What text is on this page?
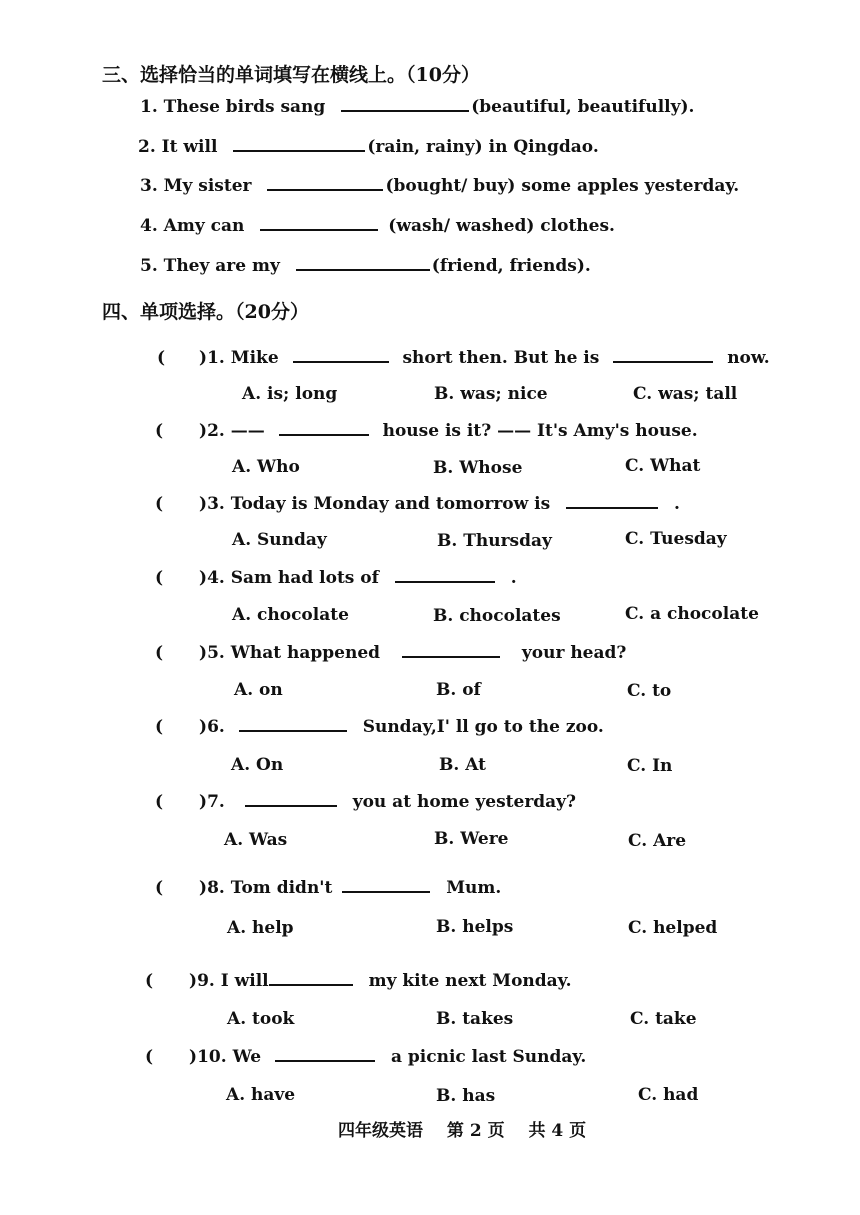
三、选择恰当的单词填写在横线上。（10分）
1. These birds sang	(beautiful, beautifully).
2. It will	(rain, rainy) in Qingdao.
3. My sister	(bought/ buy) some apples yesterday.
4. Amy can	(wash/ washed) clothes.
5. They are my	(friend, friends).
四、单项选择。（20分）
( )1. Mike	short then. But he is	now.
A. is; long	B. was; nice	C. was; tall
( )2. ——	house is it? —— It's Amy's house.
A. Who	B. Whose	C. What
( )3. Today is Monday and tomorrow is	.
A. Sunday	B. Thursday	C. Tuesday
( )4. Sam had lots of	.
A. chocolate	B. chocolates	C. a chocolate
( )5. What happened	your head?
A. on	B. of	C. to
( )6.	Sunday,I' ll go to the zoo.
A. On	B. At	C. In
( )7.	you at home yesterday?
A. Was	B. Were	C. Are
( )8. Tom didn't	Mum.
A. help	B. helps	C. helped
( )9. I will	my kite next Monday.
A. took	B. takes	C. take
( )10. We	a picnic last Sunday.
A. have	B. has	C. had
四年级英语 第 2 页 共 4 页
